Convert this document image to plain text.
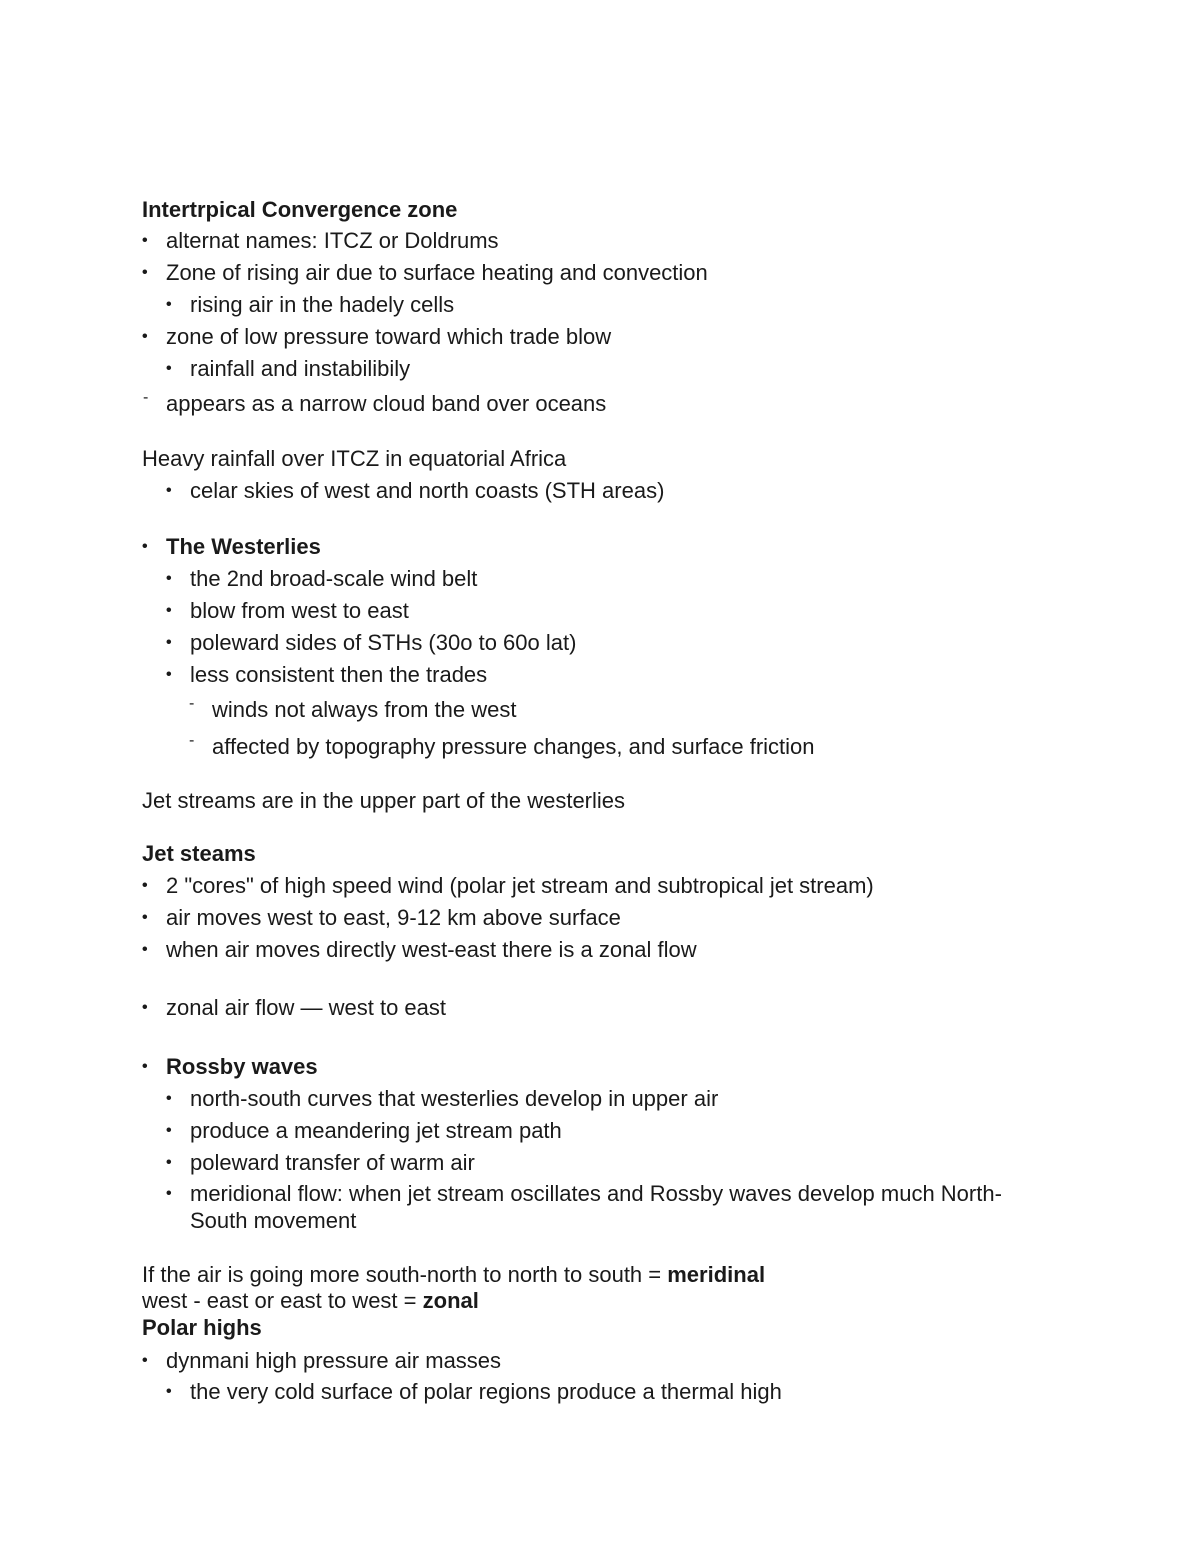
Intertrpical Convergence zone
• alternat names: ITCZ or Doldrums
• Zone of rising air due to surface heating and convection
• rising air in the hadely cells
• zone of low pressure toward which trade blow
• rainfall and instabilibily
- appears as a narrow cloud band over oceans
Heavy rainfall over ITCZ in equatorial Africa
• celar skies of west and north coasts (STH areas)
• The Westerlies
• the 2nd broad-scale wind belt
• blow from west to east
• poleward sides of STHs (30o to 60o lat)
• less consistent then the trades
- winds not always from the west
- affected by topography pressure changes, and surface friction
Jet streams are in the upper part of the westerlies
Jet steams
• 2 "cores" of high speed wind (polar jet stream and subtropical jet stream)
• air moves west to east, 9-12 km above surface
• when air moves directly west-east there is a zonal flow
• zonal air flow — west to east
• Rossby waves
• north-south curves that westerlies develop in upper air
• produce a meandering jet stream path
• poleward transfer of warm air
• meridional flow: when jet stream oscillates and Rossby waves develop much North-
South movement
If the air is going more south-north to north to south = meridinal
west - east or east to west = zonal
Polar highs
• dynmani high pressure air masses
• the very cold surface of polar regions produce a thermal high
